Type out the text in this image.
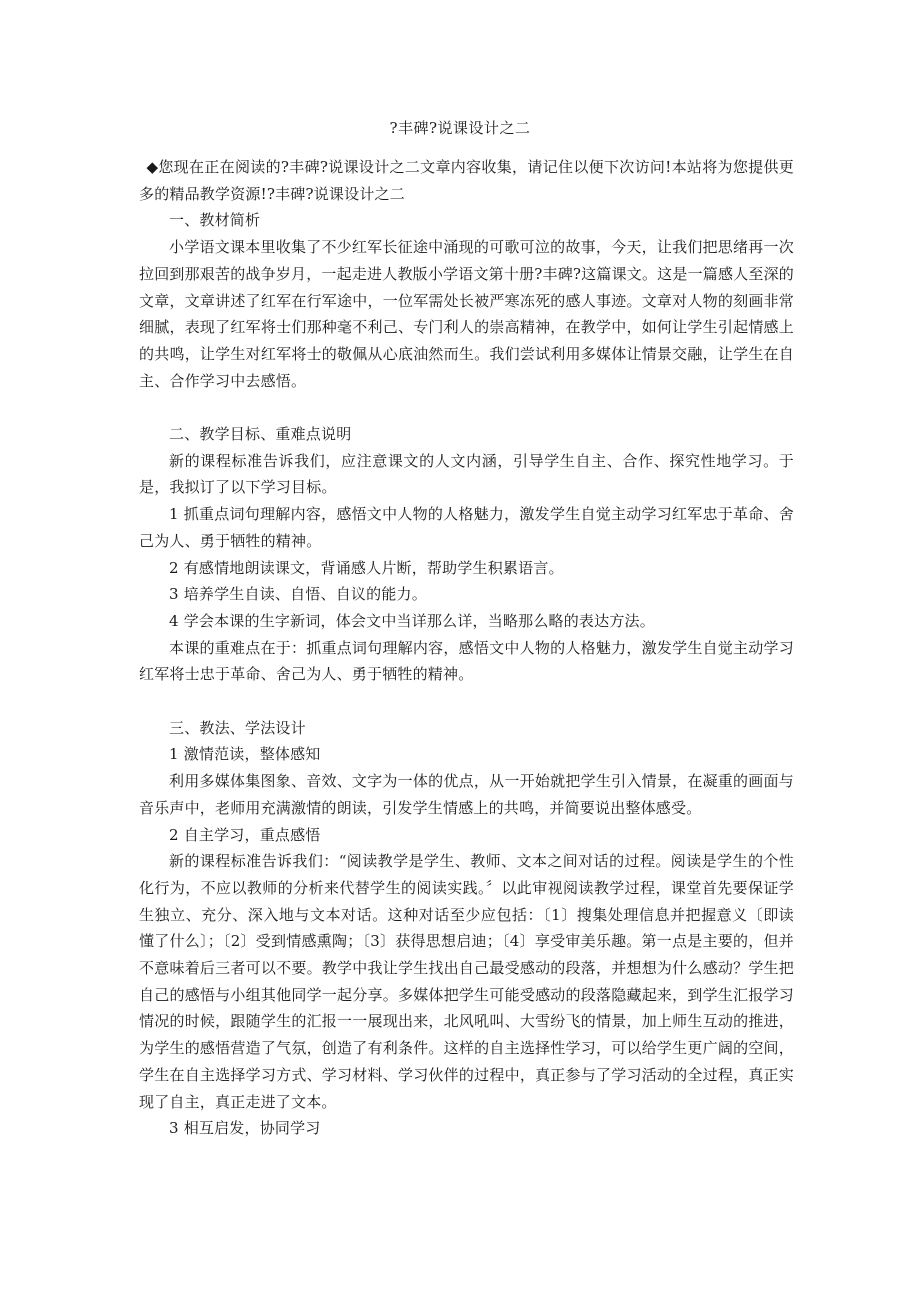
?丰碑?说课设计之二

◆您现在正在阅读的?丰碑?说课设计之二文章内容收集，请记住以便下次访问!本站将为您提供更多的精品教学资源!?丰碑?说课设计之二

一、教材简析

小学语文课本里收集了不少红军长征途中涌现的可歌可泣的故事，今天，让我们把思绪再一次拉回到那艰苦的战争岁月，一起走进人教版小学语文第十册?丰碑?这篇课文。这是一篇感人至深的文章，文章讲述了红军在行军途中，一位军需处长被严寒冻死的感人事迹。文章对人物的刻画非常细腻，表现了红军将士们那种毫不利己、专门利人的崇高精神，在教学中，如何让学生引起情感上的共鸣，让学生对红军将士的敬佩从心底油然而生。我们尝试利用多媒体让情景交融，让学生在自主、合作学习中去感悟。

二、教学目标、重难点说明

新的课程标准告诉我们，应注意课文的人文内涵，引导学生自主、合作、探究性地学习。于是，我拟订了以下学习目标。

1 抓重点词句理解内容，感悟文中人物的人格魅力，激发学生自觉主动学习红军忠于革命、舍己为人、勇于牺牲的精神。

2 有感情地朗读课文，背诵感人片断，帮助学生积累语言。

3 培养学生自读、自悟、自议的能力。

4 学会本课的生字新词，体会文中当详那么详，当略那么略的表达方法。

本课的重难点在于：抓重点词句理解内容，感悟文中人物的人格魅力，激发学生自觉主动学习红军将士忠于革命、舍己为人、勇于牺牲的精神。

三、教法、学法设计

1 激情范读，整体感知

利用多媒体集图象、音效、文字为一体的优点，从一开始就把学生引入情景，在凝重的画面与音乐声中，老师用充满激情的朗读，引发学生情感上的共鸣，并简要说出整体感受。

2 自主学习，重点感悟

新的课程标准告诉我们：“阅读教学是学生、教师、文本之间对话的过程。阅读是学生的个性化行为，不应以教师的分析来代替学生的阅读实践。〞以此审视阅读教学过程，课堂首先要保证学生独立、充分、深入地与文本对话。这种对话至少应包括：〔1〕搜集处理信息并把握意义〔即读懂了什么〕；〔2〕受到情感熏陶；〔3〕获得思想启迪；〔4〕享受审美乐趣。第一点是主要的，但并不意味着后三者可以不要。教学中我让学生找出自己最受感动的段落，并想想为什么感动？学生把自己的感悟与小组其他同学一起分享。多媒体把学生可能受感动的段落隐藏起来，到学生汇报学习情况的时候，跟随学生的汇报一一展现出来，北风吼叫、大雪纷飞的情景，加上师生互动的推进，为学生的感悟营造了气氛，创造了有利条件。这样的自主选择性学习，可以给学生更广阔的空间，学生在自主选择学习方式、学习材料、学习伙伴的过程中，真正参与了学习活动的全过程，真正实现了自主，真正走进了文本。

3 相互启发，协同学习
